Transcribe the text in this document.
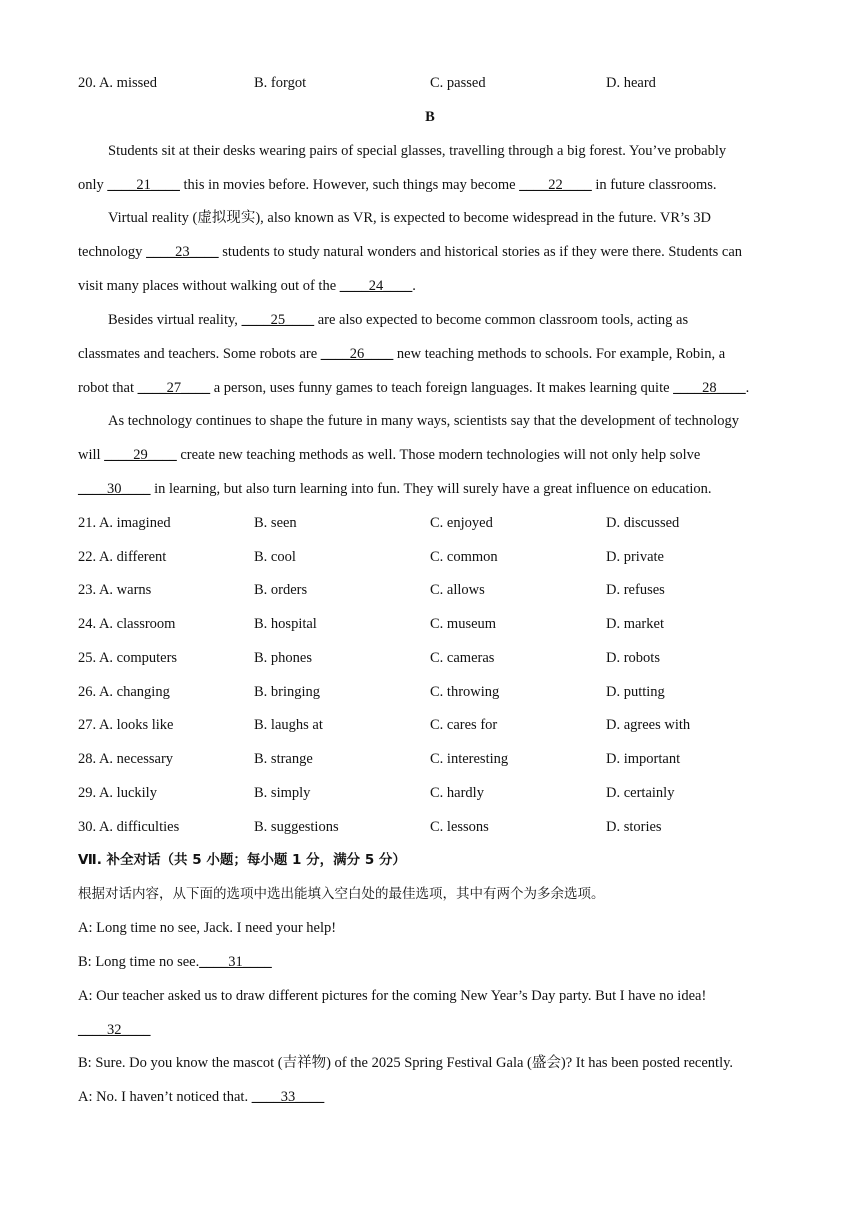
20. A. missed	B. forgot	C. passed	D. heard
B
Students sit at their desks wearing pairs of special glasses, travelling through a big forest. You’ve probably
only ____21____ this in movies before. However, such things may become ____22____ in future classrooms.
Virtual reality (虚拟现实), also known as VR, is expected to become widespread in the future. VR’s 3D
technology ____23____ students to study natural wonders and historical stories as if they were there. Students can
visit many places without walking out of the ____24____.
Besides virtual reality, ____25____ are also expected to become common classroom tools, acting as
classmates and teachers. Some robots are ____26____ new teaching methods to schools. For example, Robin, a
robot that ____27____ a person, uses funny games to teach foreign languages. It makes learning quite ____28____.
As technology continues to shape the future in many ways, scientists say that the development of technology
will ____29____ create new teaching methods as well. Those modern technologies will not only help solve
____30____ in learning, but also turn learning into fun. They will surely have a great influence on education.
21. A. imagined	B. seen	C. enjoyed	D. discussed
22. A. different	B. cool	C. common	D. private
23. A. warns	B. orders	C. allows	D. refuses
24. A. classroom	B. hospital	C. museum	D. market
25. A. computers	B. phones	C. cameras	D. robots
26. A. changing	B. bringing	C. throwing	D. putting
27. A. looks like	B. laughs at	C. cares for	D. agrees with
28. A. necessary	B. strange	C. interesting	D. important
29. A. luckily	B. simply	C. hardly	D. certainly
30. A. difficulties	B. suggestions	C. lessons	D. stories
Ⅶ. 补全对话（共 5 小题；每小题 1 分，满分 5 分）
根据对话内容，从下面的选项中选出能填入空白处的最佳选项，其中有两个为多余选项。
A: Long time no see, Jack. I need your help!
B: Long time no see.____31____
A: Our teacher asked us to draw different pictures for the coming New Year’s Day party. But I have no idea!
____32____
B: Sure. Do you know the mascot (吉祥物) of the 2025 Spring Festival Gala (盛会)? It has been posted recently.
A: No. I haven’t noticed that. ____33____
